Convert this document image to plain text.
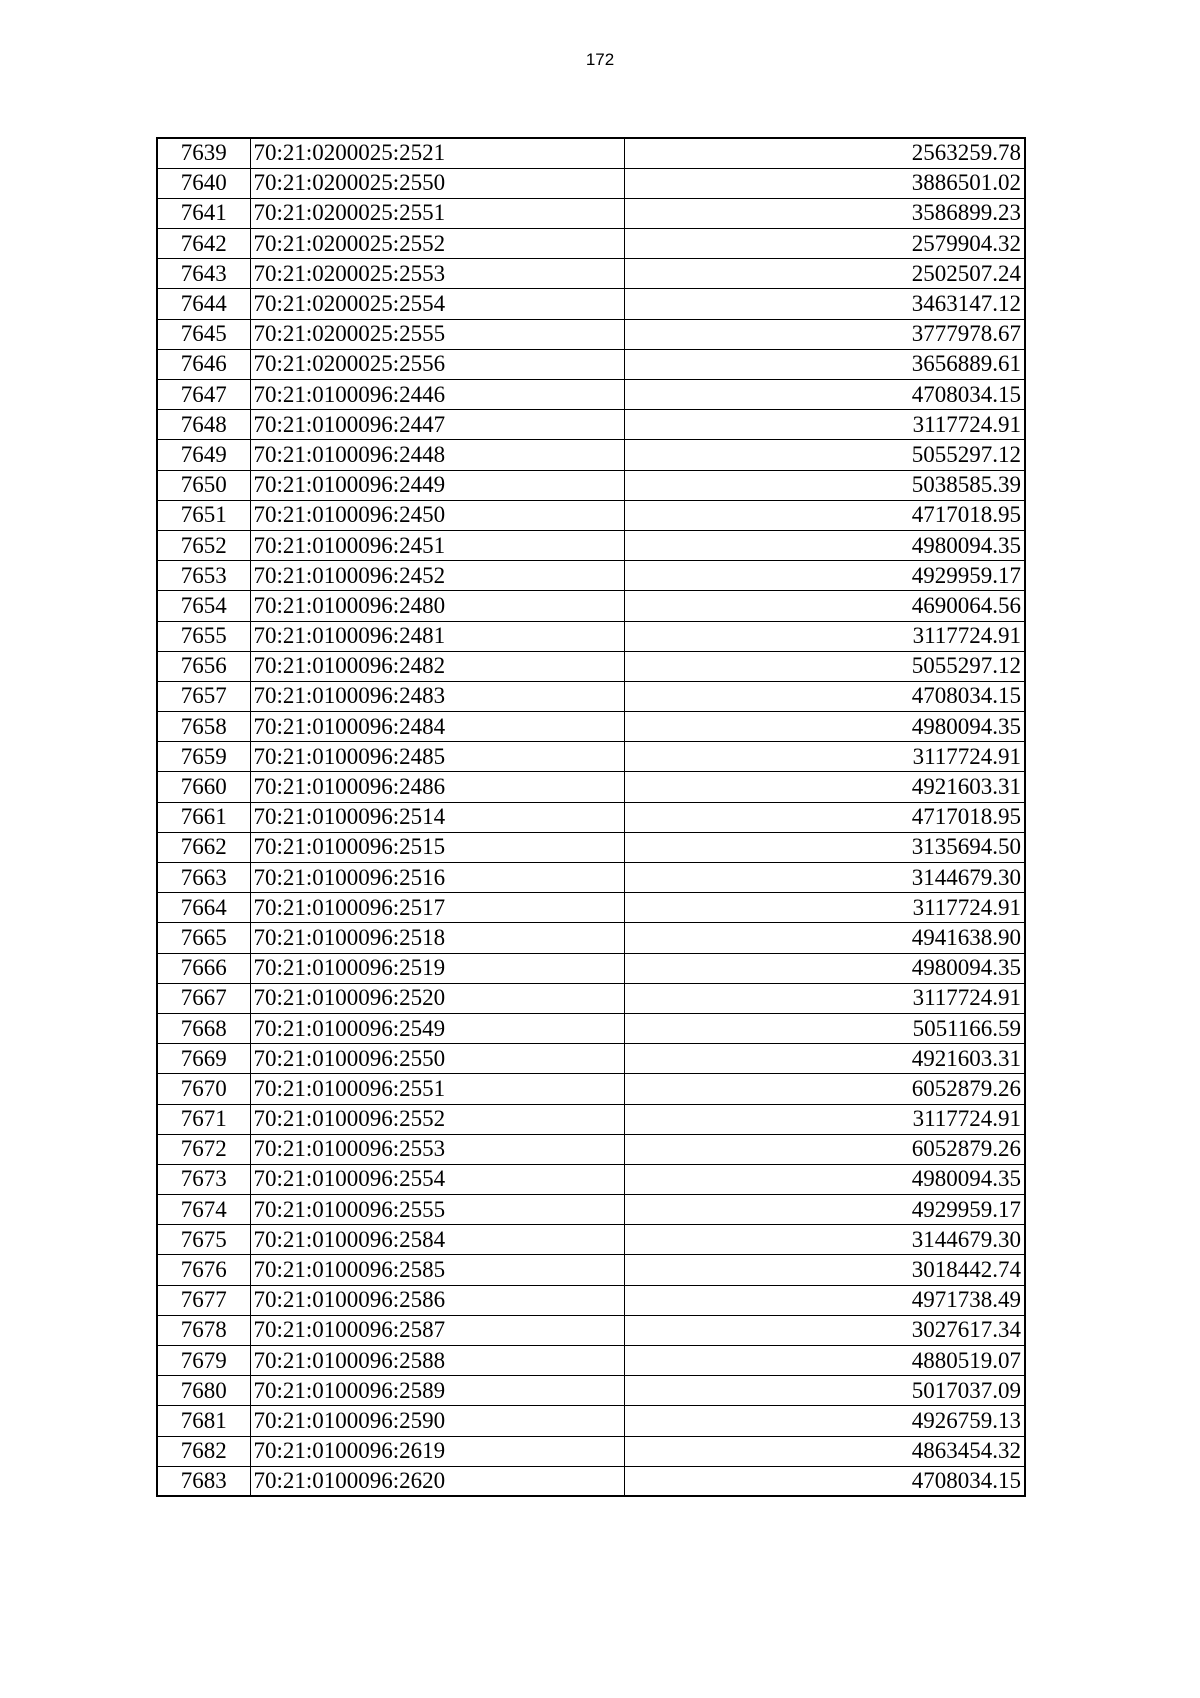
172
7639	70:21:0200025:2521	2563259.78
7640	70:21:0200025:2550	3886501.02
7641	70:21:0200025:2551	3586899.23
7642	70:21:0200025:2552	2579904.32
7643	70:21:0200025:2553	2502507.24
7644	70:21:0200025:2554	3463147.12
7645	70:21:0200025:2555	3777978.67
7646	70:21:0200025:2556	3656889.61
7647	70:21:0100096:2446	4708034.15
7648	70:21:0100096:2447	3117724.91
7649	70:21:0100096:2448	5055297.12
7650	70:21:0100096:2449	5038585.39
7651	70:21:0100096:2450	4717018.95
7652	70:21:0100096:2451	4980094.35
7653	70:21:0100096:2452	4929959.17
7654	70:21:0100096:2480	4690064.56
7655	70:21:0100096:2481	3117724.91
7656	70:21:0100096:2482	5055297.12
7657	70:21:0100096:2483	4708034.15
7658	70:21:0100096:2484	4980094.35
7659	70:21:0100096:2485	3117724.91
7660	70:21:0100096:2486	4921603.31
7661	70:21:0100096:2514	4717018.95
7662	70:21:0100096:2515	3135694.50
7663	70:21:0100096:2516	3144679.30
7664	70:21:0100096:2517	3117724.91
7665	70:21:0100096:2518	4941638.90
7666	70:21:0100096:2519	4980094.35
7667	70:21:0100096:2520	3117724.91
7668	70:21:0100096:2549	5051166.59
7669	70:21:0100096:2550	4921603.31
7670	70:21:0100096:2551	6052879.26
7671	70:21:0100096:2552	3117724.91
7672	70:21:0100096:2553	6052879.26
7673	70:21:0100096:2554	4980094.35
7674	70:21:0100096:2555	4929959.17
7675	70:21:0100096:2584	3144679.30
7676	70:21:0100096:2585	3018442.74
7677	70:21:0100096:2586	4971738.49
7678	70:21:0100096:2587	3027617.34
7679	70:21:0100096:2588	4880519.07
7680	70:21:0100096:2589	5017037.09
7681	70:21:0100096:2590	4926759.13
7682	70:21:0100096:2619	4863454.32
7683	70:21:0100096:2620	4708034.15
